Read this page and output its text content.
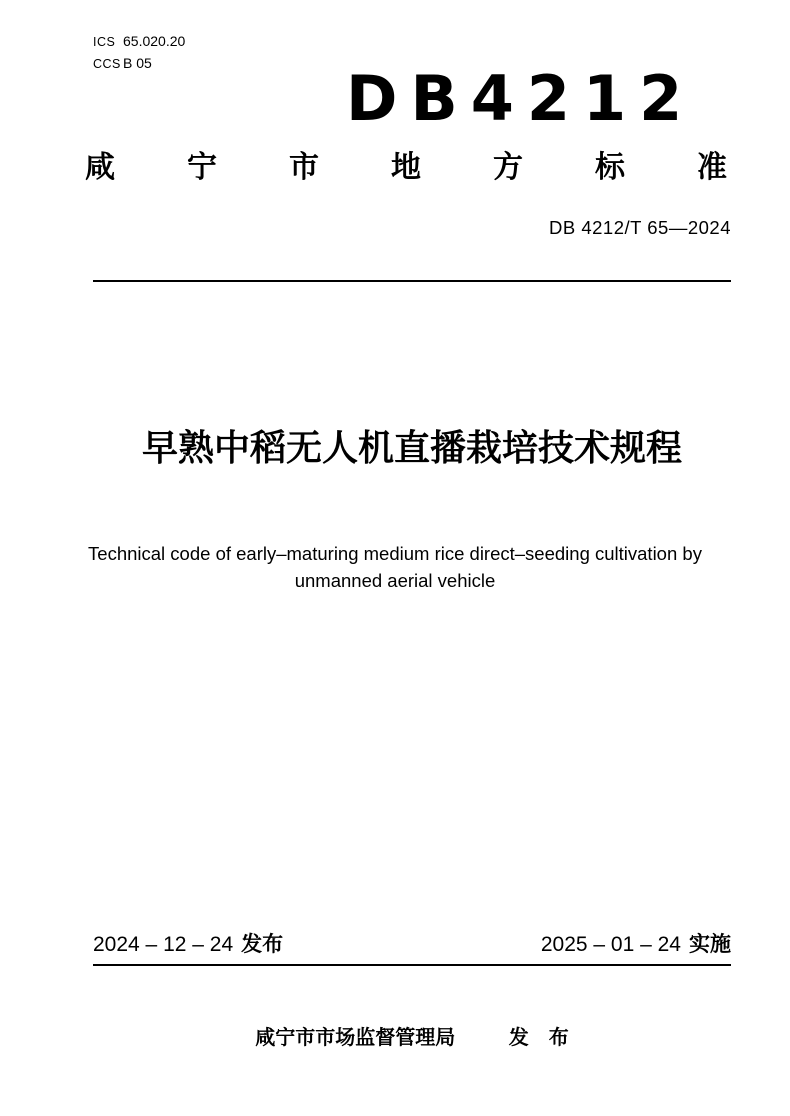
ICS 65.020.20
CCS B 05	DB4212
咸 宁 市 地 方 标 准
DB 4212/T 65—2024
早熟中稻无人机直播栽培技术规程
Technical code of early–maturing medium rice direct–seeding cultivation by
unmanned aerial vehicle
2024 – 12 – 24 发布	2025 – 01 – 24 实施
咸宁市市场监督管理局	发　布
